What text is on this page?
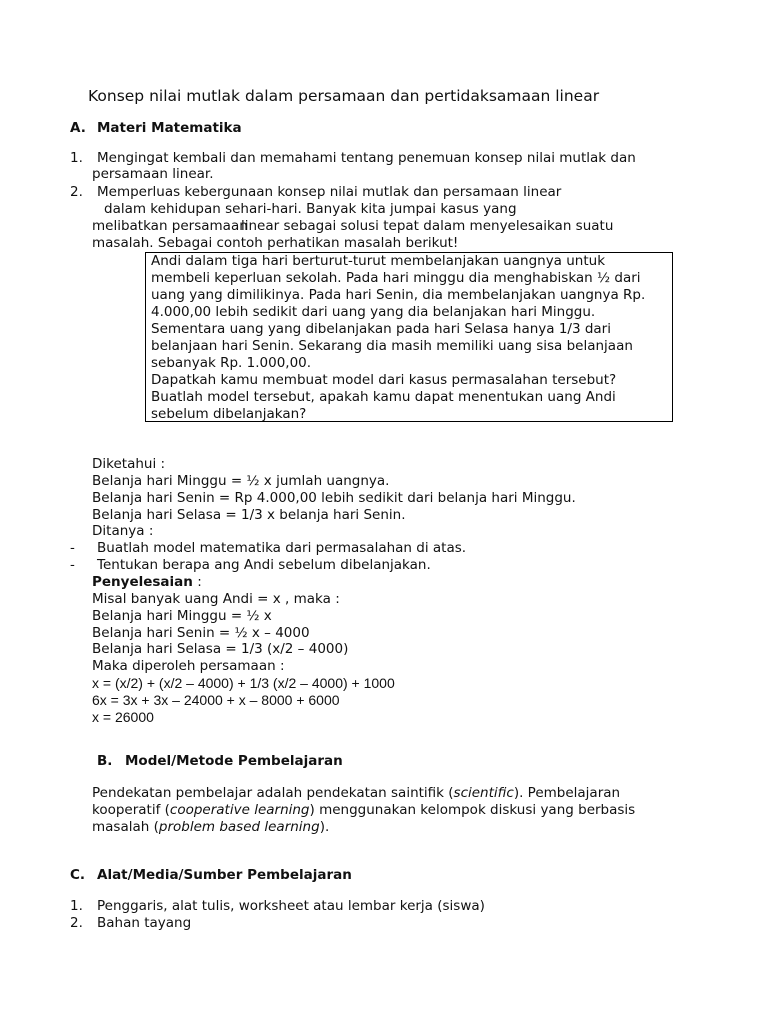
Konsep nilai mutlak dalam persamaan dan pertidaksamaan linear
A. Materi Matematika
1. Mengingat kembali dan memahami tentang penemuan konsep nilai mutlak dan
persamaan linear.
2. Memperluas kebergunaan konsep nilai mutlak dan persamaan linear
dalam kehidupan sehari-hari. Banyak kita jumpai kasus yang
melibatkan persamaan
linear sebagai solusi tepat dalam menyelesaikan suatu
masalah. Sebagai contoh perhatikan masalah berikut!
Andi dalam tiga hari berturut-turut membelanjakan uangnya untuk
membeli keperluan sekolah. Pada hari minggu dia menghabiskan ½ dari
uang yang dimilikinya. Pada hari Senin, dia membelanjakan uangnya Rp.
4.000,00 lebih sedikit dari uang yang dia belanjakan hari Minggu.
Sementara uang yang dibelanjakan pada hari Selasa hanya 1/3 dari
belanjaan hari Senin. Sekarang dia masih memiliki uang sisa belanjaan
sebanyak Rp. 1.000,00.
Dapatkah kamu membuat model dari kasus permasalahan tersebut?
Buatlah model tersebut, apakah kamu dapat menentukan uang Andi
sebelum dibelanjakan?
Diketahui :
Belanja hari Minggu = ½ x jumlah uangnya.
Belanja hari Senin = Rp 4.000,00 lebih sedikit dari belanja hari Minggu.
Belanja hari Selasa = 1/3 x belanja hari Senin.
Ditanya :
- Buatlah model matematika dari permasalahan di atas.
- Tentukan berapa ang Andi sebelum dibelanjakan.
Penyelesaian :
Misal banyak uang Andi = x , maka :
Belanja hari Minggu = ½ x
Belanja hari Senin = ½ x – 4000
Belanja hari Selasa = 1/3 (x/2 – 4000)
Maka diperoleh persamaan :
x = (x/2) + (x/2 – 4000) + 1/3 (x/2 – 4000) + 1000
6x = 3x + 3x – 24000 + x – 8000 + 6000
x = 26000
B. Model/Metode Pembelajaran
Pendekatan pembelajar adalah pendekatan saintifik (scientific). Pembelajaran
kooperatif (cooperative learning) menggunakan kelompok diskusi yang berbasis
masalah (problem based learning).
C. Alat/Media/Sumber Pembelajaran
1. Penggaris, alat tulis, worksheet atau lembar kerja (siswa)
2. Bahan tayang
